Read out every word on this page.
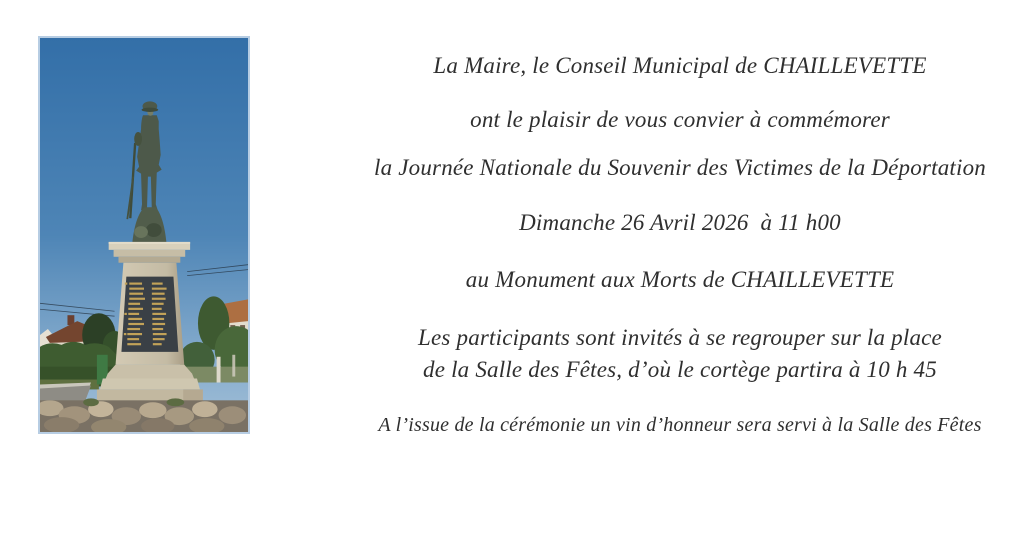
La Maire, le Conseil Municipal de CHAILLEVETTE
ont le plaisir de vous convier à commémorer
la Journée Nationale du Souvenir des Victimes de la Déportation
Dimanche 26 Avril 2026  à 11 h00
au Monument aux Morts de CHAILLEVETTE
Les participants sont invités à se regrouper sur la place
de la Salle des Fêtes, d’où le cortège partira à 10 h 45
A l’issue de la cérémonie un vin d’honneur sera servi à la Salle des Fêtes
